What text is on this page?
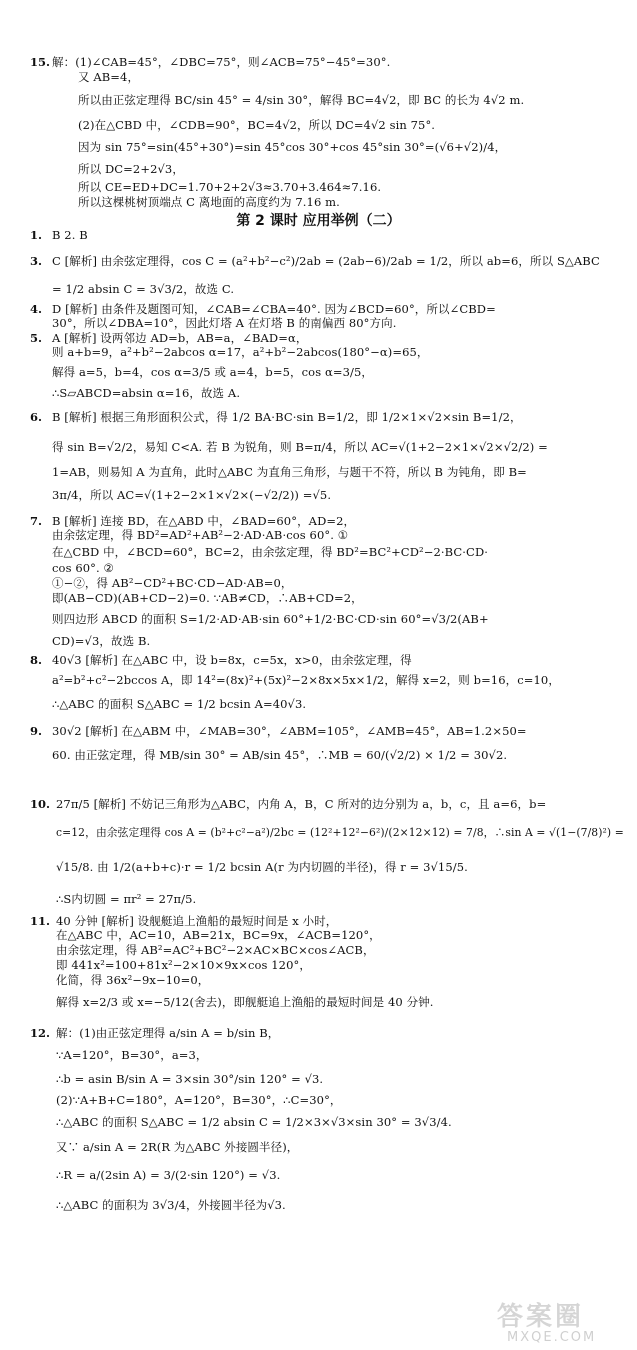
15. 解：(1)∠CAB=45°，∠DBC=75°，则∠ACB=75°−45°=30°.
又 AB=4，
所以由正弦定理得 BC/sin 45° = 4/sin 30°，解得 BC=4√2，即 BC 的长为 4√2 m.
(2)在△CBD 中，∠CDB=90°，BC=4√2，所以 DC=4√2 sin 75°.
因为 sin 75°=sin(45°+30°)=sin 45°cos 30°+cos 45°sin 30°=(√6+√2)/4，
所以 DC=2+2√3，
所以 CE=ED+DC=1.70+2+2√3≈3.70+3.464≈7.16.
所以这棵桃树顶端点 C 离地面的高度约为 7.16 m.
第 2 课时 应用举例（二）
1. B 2. B
3. C [解析] 由余弦定理得，cos C = (a²+b²−c²)/2ab = (2ab−6)/2ab = 1/2，所以 ab=6，所以 S△ABC
= 1/2 absin C = 3√3/2，故选 C.
4. D [解析] 由条件及题图可知，∠CAB=∠CBA=40°. 因为∠BCD=60°，所以∠CBD=
30°，所以∠DBA=10°，因此灯塔 A 在灯塔 B 的南偏西 80°方向.
5. A [解析] 设两邻边 AD=b，AB=a，∠BAD=α，
则 a+b=9，a²+b²−2abcos α=17，a²+b²−2abcos(180°−α)=65，
解得 a=5，b=4，cos α=3/5 或 a=4，b=5，cos α=3/5，
∴S▱ABCD=absin α=16，故选 A.
6. B [解析] 根据三角形面积公式，得 1/2 BA·BC·sin B=1/2，即 1/2×1×√2×sin B=1/2，
得 sin B=√2/2，易知 C<A. 若 B 为锐角，则 B=π/4，所以 AC=√(1+2−2×1×√2×√2/2) =
1=AB，则易知 A 为直角，此时△ABC 为直角三角形，与题干不符，所以 B 为钝角，即 B=
3π/4，所以 AC=√(1+2−2×1×√2×(−√2/2)) =√5.
7. B [解析] 连接 BD，在△ABD 中，∠BAD=60°，AD=2，
由余弦定理，得 BD²=AD²+AB²−2·AD·AB·cos 60°. ①
在△CBD 中，∠BCD=60°，BC=2，由余弦定理，得 BD²=BC²+CD²−2·BC·CD·
cos 60°. ②
①−②，得 AB²−CD²+BC·CD−AD·AB=0，
即(AB−CD)(AB+CD−2)=0. ∵AB≠CD，∴AB+CD=2，
则四边形 ABCD 的面积 S=1/2·AD·AB·sin 60°+1/2·BC·CD·sin 60°=√3/2(AB+
CD)=√3，故选 B.
8. 40√3 [解析] 在△ABC 中，设 b=8x，c=5x，x>0，由余弦定理，得
a²=b²+c²−2bccos A，即 14²=(8x)²+(5x)²−2×8x×5x×1/2，解得 x=2，则 b=16，c=10，
∴△ABC 的面积 S△ABC = 1/2 bcsin A=40√3.
9. 30√2 [解析] 在△ABM 中，∠MAB=30°，∠ABM=105°，∠AMB=45°，AB=1.2×50=
60. 由正弦定理，得 MB/sin 30° = AB/sin 45°，∴MB = 60/(√2/2) × 1/2 = 30√2.
10. 27π/5 [解析] 不妨记三角形为△ABC，内角 A，B，C 所对的边分别为 a，b，c，且 a=6，b=
c=12，由余弦定理得 cos A = (b²+c²−a²)/2bc = (12²+12²−6²)/(2×12×12) = 7/8，∴sin A = √(1−(7/8)²) =
√15/8. 由 1/2(a+b+c)·r = 1/2 bcsin A(r 为内切圆的半径)，得 r = 3√15/5.
∴S内切圆 = πr² = 27π/5.
11. 40 分钟 [解析] 设舰艇追上渔船的最短时间是 x 小时，
在△ABC 中，AC=10，AB=21x，BC=9x，∠ACB=120°，
由余弦定理，得 AB²=AC²+BC²−2×AC×BC×cos∠ACB，
即 441x²=100+81x²−2×10×9x×cos 120°，
化简，得 36x²−9x−10=0，
解得 x=2/3 或 x=−5/12(舍去)，即舰艇追上渔船的最短时间是 40 分钟.
12. 解：(1)由正弦定理得 a/sin A = b/sin B，
∵A=120°，B=30°，a=3，
∴b = asin B/sin A = 3×sin 30°/sin 120° = √3.
(2)∵A+B+C=180°，A=120°，B=30°，∴C=30°，
∴△ABC 的面积 S△ABC = 1/2 absin C = 1/2×3×√3×sin 30° = 3√3/4.
又∵ a/sin A = 2R(R 为△ABC 外接圆半径)，
∴R = a/(2sin A) = 3/(2·sin 120°) = √3.
∴△ABC 的面积为 3√3/4，外接圆半径为√3.
答案圈
MXQE.COM
